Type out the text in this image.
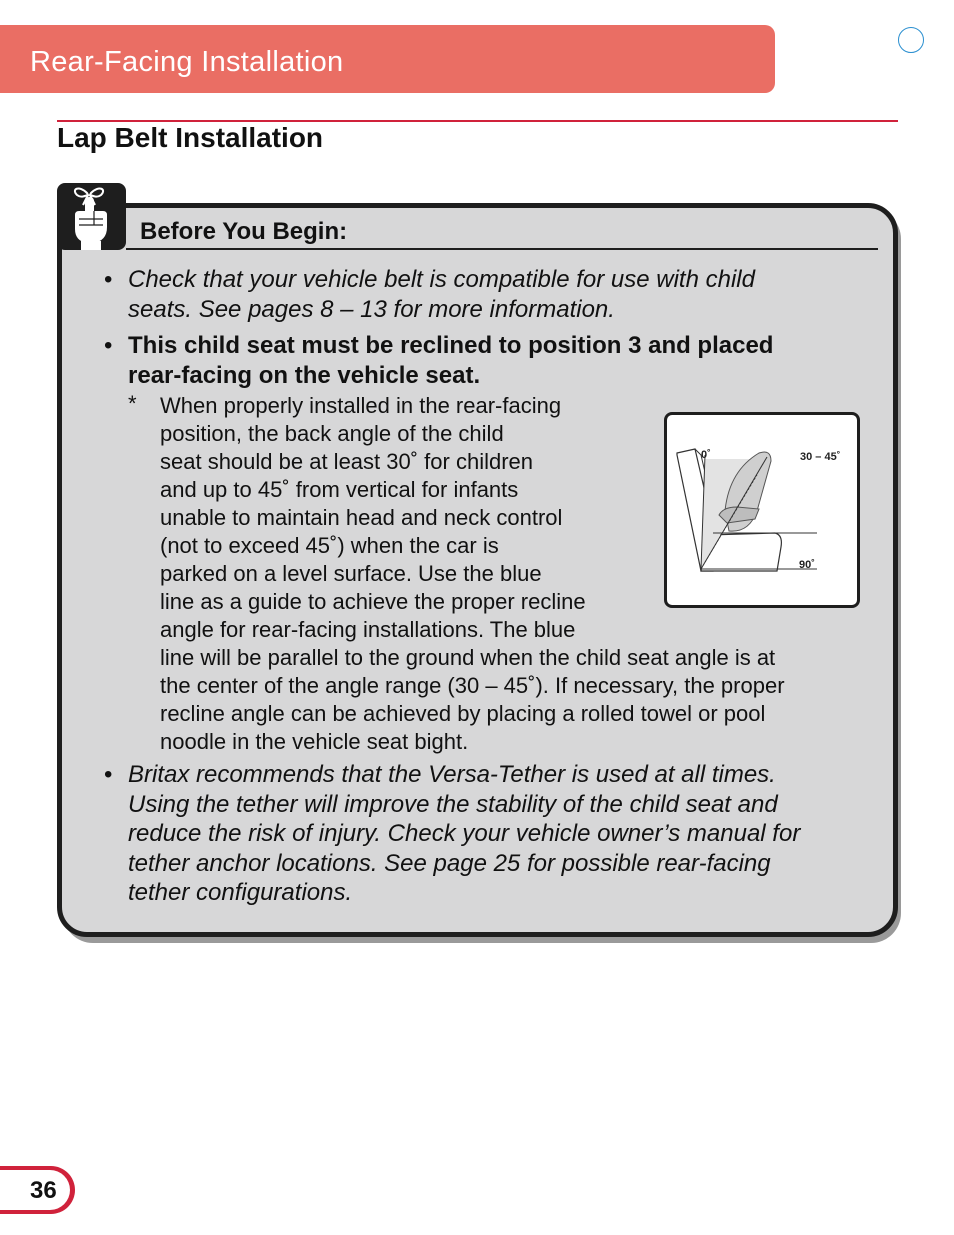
Rear-Facing Installation
Lap Belt Installation
Before You Begin:
• Check that your vehicle belt is compatible for use with child
seats. See pages 8 – 13 for more information.
• This child seat must be reclined to position 3 and placed
rear-facing on the vehicle seat.
* When properly installed in the rear-facing
position, the back angle of the child
seat should be at least 30˚ for children
and up to 45˚ from vertical for infants
unable to maintain head and neck control
(not to exceed 45˚) when the car is
parked on a level surface. Use the blue
line as a guide to achieve the proper recline
angle for rear-facing installations. The blue
line will be parallel to the ground when the child seat angle is at
the center of the angle range (30 – 45˚). If necessary, the proper
recline angle can be achieved by placing a rolled towel or pool
noodle in the vehicle seat bight.
0˚	30 – 45˚
90˚
• Britax recommends that the Versa-Tether is used at all times.
Using the tether will improve the stability of the child seat and
reduce the risk of injury. Check your vehicle owner’s manual for
tether anchor locations. See page 25 for possible rear-facing
tether configurations.
36
